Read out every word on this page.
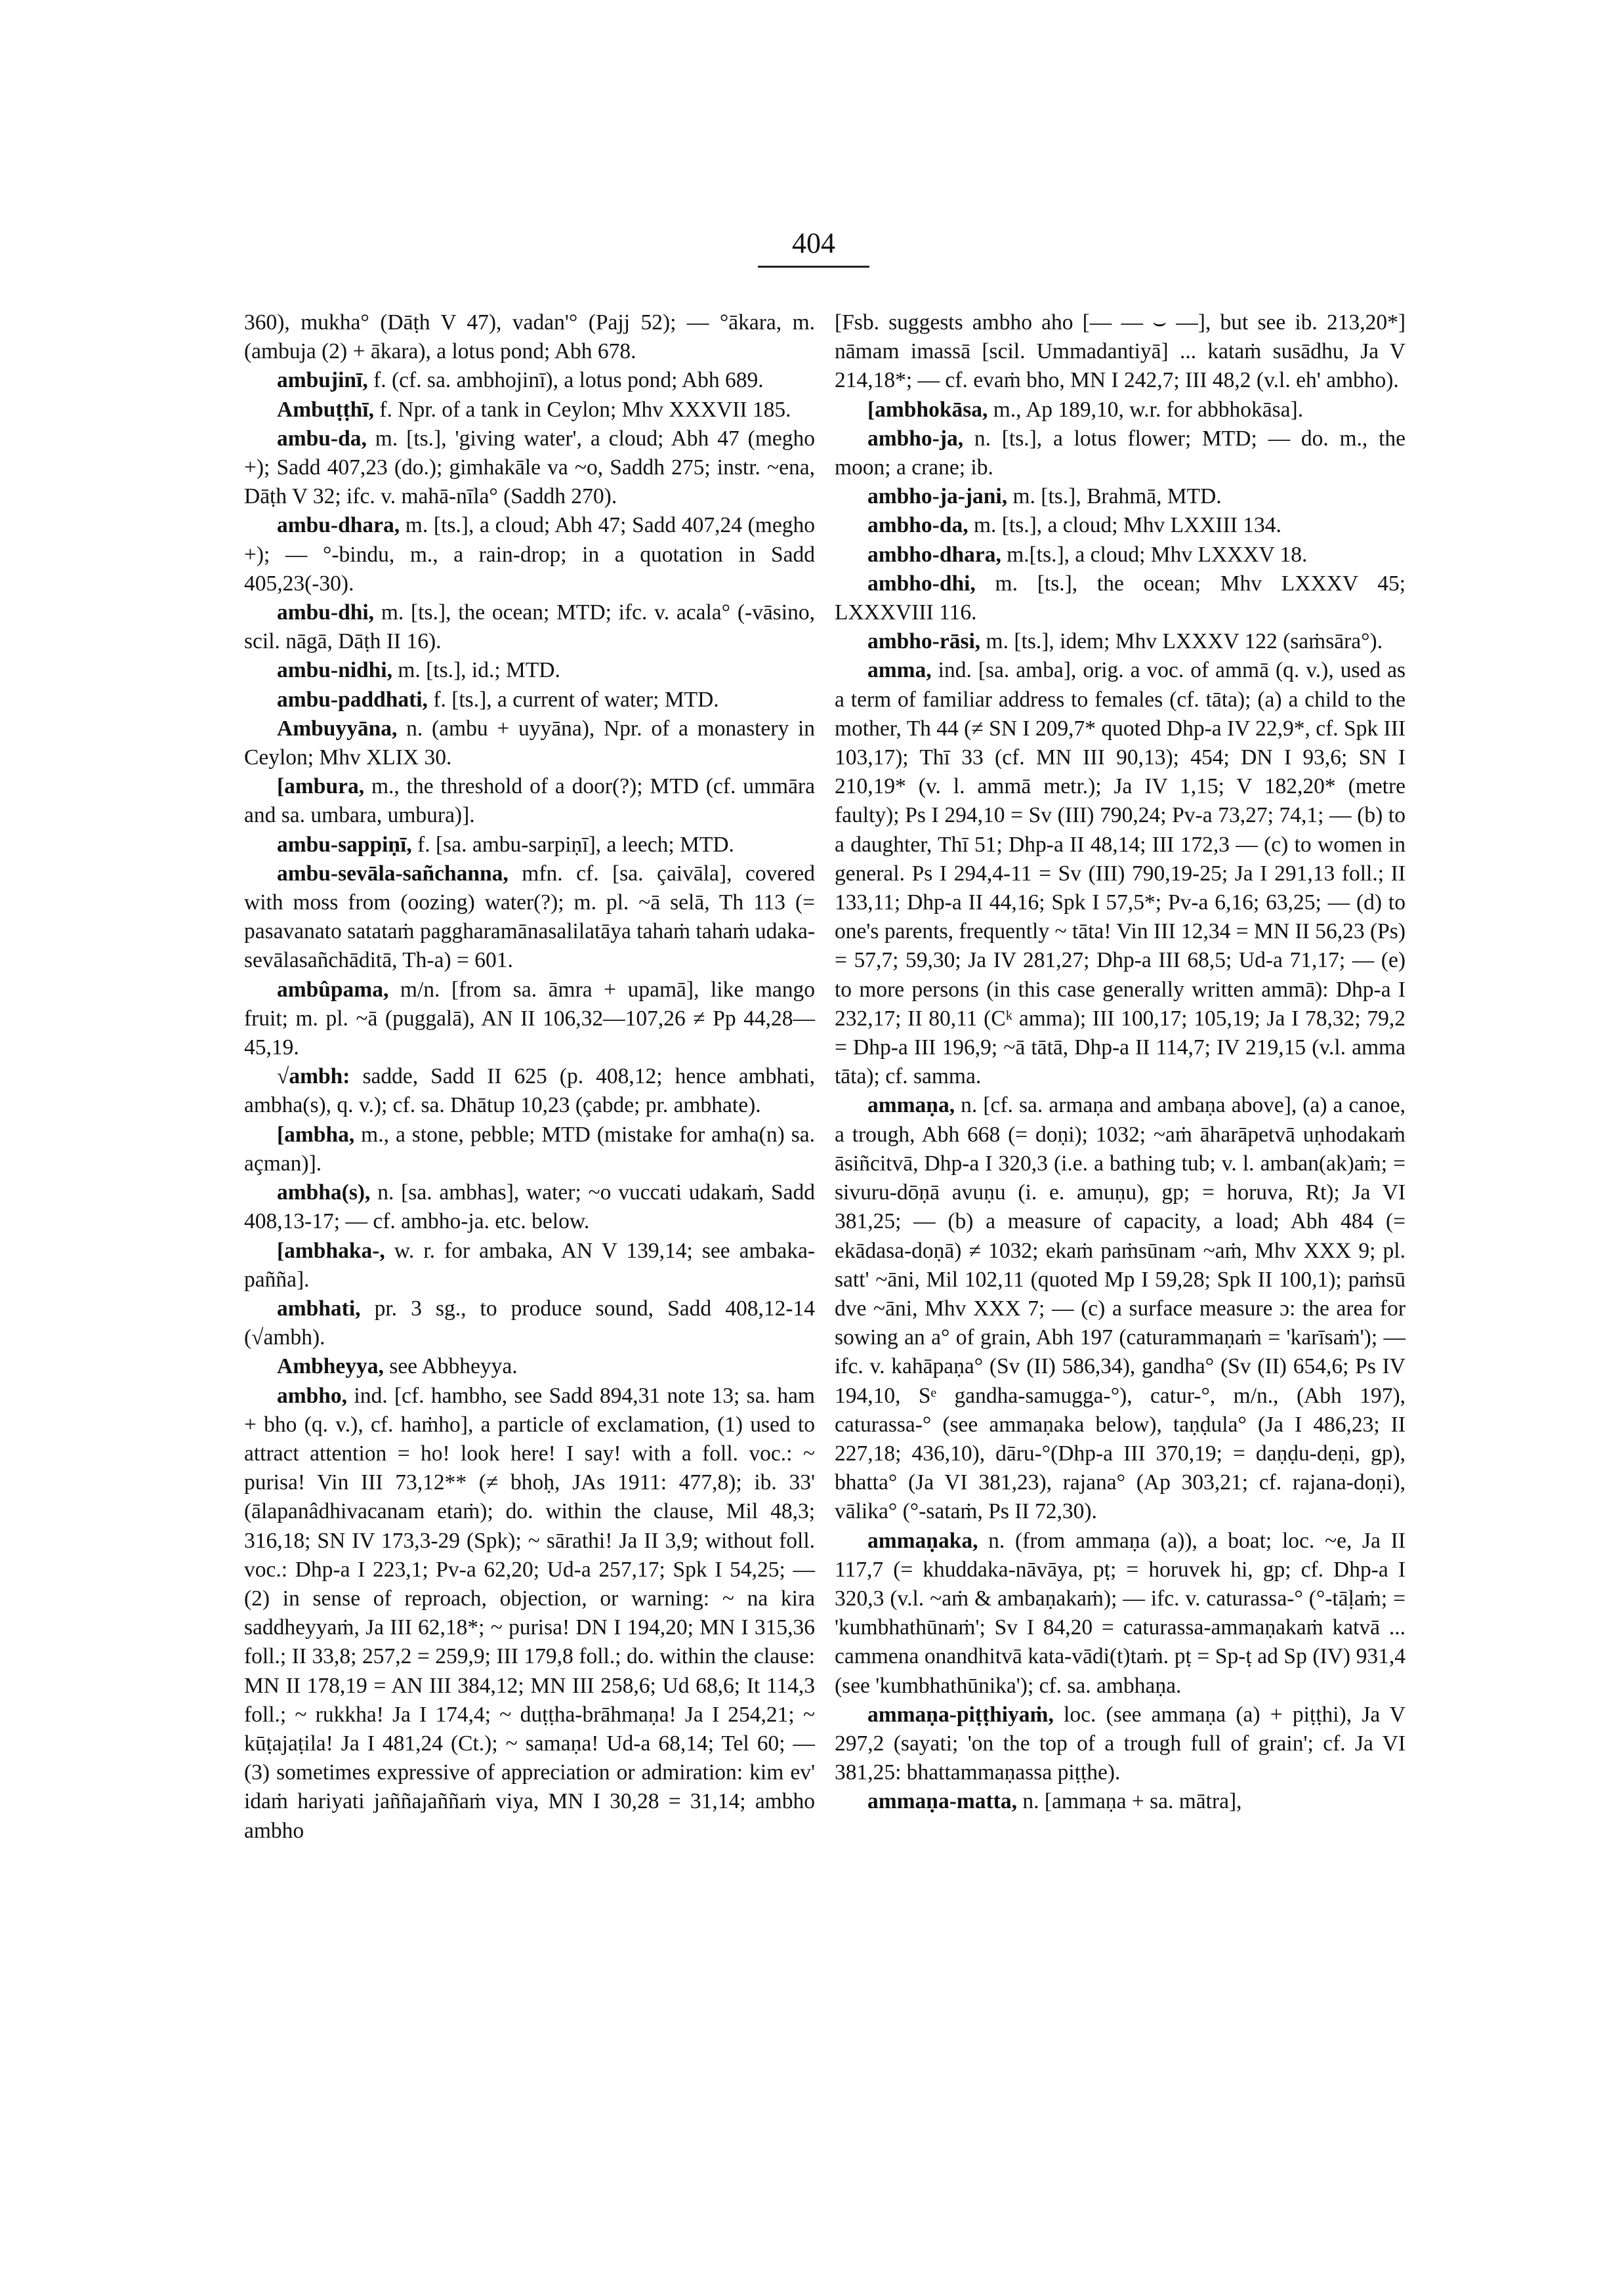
404

360), mukha° (Dāṭh V 47), vadan'° (Pajj 52); — °ākara, m. (ambuja (2) + ākara), a lotus pond; Abh 678.

ambujinī, f. (cf. sa. ambhojinī), a lotus pond; Abh 689.

Ambuṭṭhī, f. Npr. of a tank in Ceylon; Mhv XXXVII 185.

ambu-da, m. [ts.], 'giving water', a cloud; Abh 47 (megho +); Sadd 407,23 (do.); gimhakāle va ~o, Saddh 275; instr. ~ena, Dāṭh V 32; ifc. v. mahā-nīla° (Saddh 270).

ambu-dhara, m. [ts.], a cloud; Abh 47; Sadd 407,24 (megho +); — °-bindu, m., a rain-drop; in a quotation in Sadd 405,23(-30).

ambu-dhi, m. [ts.], the ocean; MTD; ifc. v. acala° (-vāsino, scil. nāgā, Dāṭh II 16).

ambu-nidhi, m. [ts.], id.; MTD.

ambu-paddhati, f. [ts.], a current of water; MTD.

Ambuyyāna, n. (ambu + uyyāna), Npr. of a monastery in Ceylon; Mhv XLIX 30.

[ambura, m., the threshold of a door(?); MTD (cf. ummāra and sa. umbara, umbura)].

ambu-sappiṇī, f. [sa. ambu-sarpiṇī], a leech; MTD.

ambu-sevāla-sañchanna, mfn. cf. [sa. çaivāla], covered with moss from (oozing) water(?); m. pl. ~ā selā, Th 113 (= pasavanato satataṁ paggharamānasalilatāya tahaṁ tahaṁ udaka-sevālasañchāditā, Th-a) = 601.

ambûpama, m/n. [from sa. āmra + upamā], like mango fruit; m. pl. ~ā (puggalā), AN II 106,32—107,26 ≠ Pp 44,28—45,19.

√ambh: sadde, Sadd II 625 (p. 408,12; hence ambhati, ambha(s), q. v.); cf. sa. Dhātup 10,23 (çabde; pr. ambhate).

[ambha, m., a stone, pebble; MTD (mistake for amha(n) sa. açman)].

ambha(s), n. [sa. ambhas], water; ~o vuccati udakaṁ, Sadd 408,13-17; — cf. ambho-ja. etc. below.

[ambhaka-, w. r. for ambaka, AN V 139,14; see ambaka-pañña].

ambhati, pr. 3 sg., to produce sound, Sadd 408,12-14 (√ambh).

Ambheyya, see Abbheyya.

ambho, ind. [cf. hambho, see Sadd 894,31 note 13; sa. ham + bho (q. v.), cf. haṁho], a particle of exclamation, (1) used to attract attention = ho! look here! I say! with a foll. voc.: ~ purisa! Vin III 73,12** (≠ bhoḥ, JAs 1911: 477,8); ib. 33' (ālapanâdhivacanam etaṁ); do. within the clause, Mil 48,3; 316,18; SN IV 173,3-29 (Spk); ~ sārathi! Ja II 3,9; without foll. voc.: Dhp-a I 223,1; Pv-a 62,20; Ud-a 257,17; Spk I 54,25; — (2) in sense of reproach, objection, or warning: ~ na kira saddheyyaṁ, Ja III 62,18*; ~ purisa! DN I 194,20; MN I 315,36 foll.; II 33,8; 257,2 = 259,9; III 179,8 foll.; do. within the clause: MN II 178,19 = AN III 384,12; MN III 258,6; Ud 68,6; It 114,3 foll.; ~ rukkha! Ja I 174,4; ~ duṭṭha-brāhmaṇa! Ja I 254,21; ~ kūṭajaṭila! Ja I 481,24 (Ct.); ~ samaṇa! Ud-a 68,14; Tel 60; — (3) sometimes expressive of appreciation or admiration: kim ev' idaṁ hariyati jaññajaññaṁ viya, MN I 30,28 = 31,14; ambho ambho

[Fsb. suggests ambho aho [— — ⌣ —], but see ib. 213,20*] nāmam imassā [scil. Ummadantiyā] ... kataṁ susādhu, Ja V 214,18*; — cf. evaṁ bho, MN I 242,7; III 48,2 (v.l. eh' ambho).

[ambhokāsa, m., Ap 189,10, w.r. for abbhokāsa].

ambho-ja, n. [ts.], a lotus flower; MTD; — do. m., the moon; a crane; ib.

ambho-ja-jani, m. [ts.], Brahmā, MTD.

ambho-da, m. [ts.], a cloud; Mhv LXXIII 134.

ambho-dhara, m.[ts.], a cloud; Mhv LXXXV 18.

ambho-dhi, m. [ts.], the ocean; Mhv LXXXV 45; LXXXVIII 116.

ambho-rāsi, m. [ts.], idem; Mhv LXXXV 122 (saṁsāra°).

amma, ind. [sa. amba], orig. a voc. of ammā (q. v.), used as a term of familiar address to females (cf. tāta); (a) a child to the mother, Th 44 (≠ SN I 209,7* quoted Dhp-a IV 22,9*, cf. Spk III 103,17); Thī 33 (cf. MN III 90,13); 454; DN I 93,6; SN I 210,19* (v. l. ammā metr.); Ja IV 1,15; V 182,20* (metre faulty); Ps I 294,10 = Sv (III) 790,24; Pv-a 73,27; 74,1; — (b) to a daughter, Thī 51; Dhp-a II 48,14; III 172,3 — (c) to women in general. Ps I 294,4-11 = Sv (III) 790,19-25; Ja I 291,13 foll.; II 133,11; Dhp-a II 44,16; Spk I 57,5*; Pv-a 6,16; 63,25; — (d) to one's parents, frequently ~ tāta! Vin III 12,34 = MN II 56,23 (Ps) = 57,7; 59,30; Ja IV 281,27; Dhp-a III 68,5; Ud-a 71,17; — (e) to more persons (in this case generally written ammā): Dhp-a I 232,17; II 80,11 (Cᵏ amma); III 100,17; 105,19; Ja I 78,32; 79,2 = Dhp-a III 196,9; ~ā tātā, Dhp-a II 114,7; IV 219,15 (v.l. amma tāta); cf. samma.

ammaṇa, n. [cf. sa. armaṇa and ambaṇa above], (a) a canoe, a trough, Abh 668 (= doṇi); 1032; ~aṁ āharāpetvā uṇhodakaṁ āsiñcitvā, Dhp-a I 320,3 (i.e. a bathing tub; v. l. amban(ak)aṁ; = sivuru-dōṇā avuṇu (i. e. amuṇu), gp; = horuva, Rt); Ja VI 381,25; — (b) a measure of capacity, a load; Abh 484 (= ekādasa-doṇā) ≠ 1032; ekaṁ paṁsūnam ~aṁ, Mhv XXX 9; pl. satt' ~āni, Mil 102,11 (quoted Mp I 59,28; Spk II 100,1); paṁsū dve ~āni, Mhv XXX 7; — (c) a surface measure ɔ: the area for sowing an a° of grain, Abh 197 (caturammaṇaṁ = 'karīsaṁ'); — ifc. v. kahāpaṇa° (Sv (II) 586,34), gandha° (Sv (II) 654,6; Ps IV 194,10, Sᵉ gandha-samugga-°), catur-°, m/n., (Abh 197), caturassa-° (see ammaṇaka below), taṇḍula° (Ja I 486,23; II 227,18; 436,10), dāru-°(Dhp-a III 370,19; = daṇḍu-deṇi, gp), bhatta° (Ja VI 381,23), rajana° (Ap 303,21; cf. rajana-doṇi), vālika° (°-sataṁ, Ps II 72,30).

ammaṇaka, n. (from ammaṇa (a)), a boat; loc. ~e, Ja II 117,7 (= khuddaka-nāvāya, pṭ; = horuvek hi, gp; cf. Dhp-a I 320,3 (v.l. ~aṁ & ambaṇakaṁ); — ifc. v. caturassa-° (°-tāḷaṁ; = 'kumbhathūnaṁ'; Sv I 84,20 = caturassa-ammaṇakaṁ katvā ... cammena onandhitvā kata-vādi(t)taṁ. pṭ = Sp-ṭ ad Sp (IV) 931,4 (see 'kumbhathūnika'); cf. sa. ambhaṇa.

ammaṇa-piṭṭhiyaṁ, loc. (see ammaṇa (a) + piṭṭhi), Ja V 297,2 (sayati; 'on the top of a trough full of grain'; cf. Ja VI 381,25: bhattammaṇassa piṭṭhe).

ammaṇa-matta, n. [ammaṇa + sa. mātra],
